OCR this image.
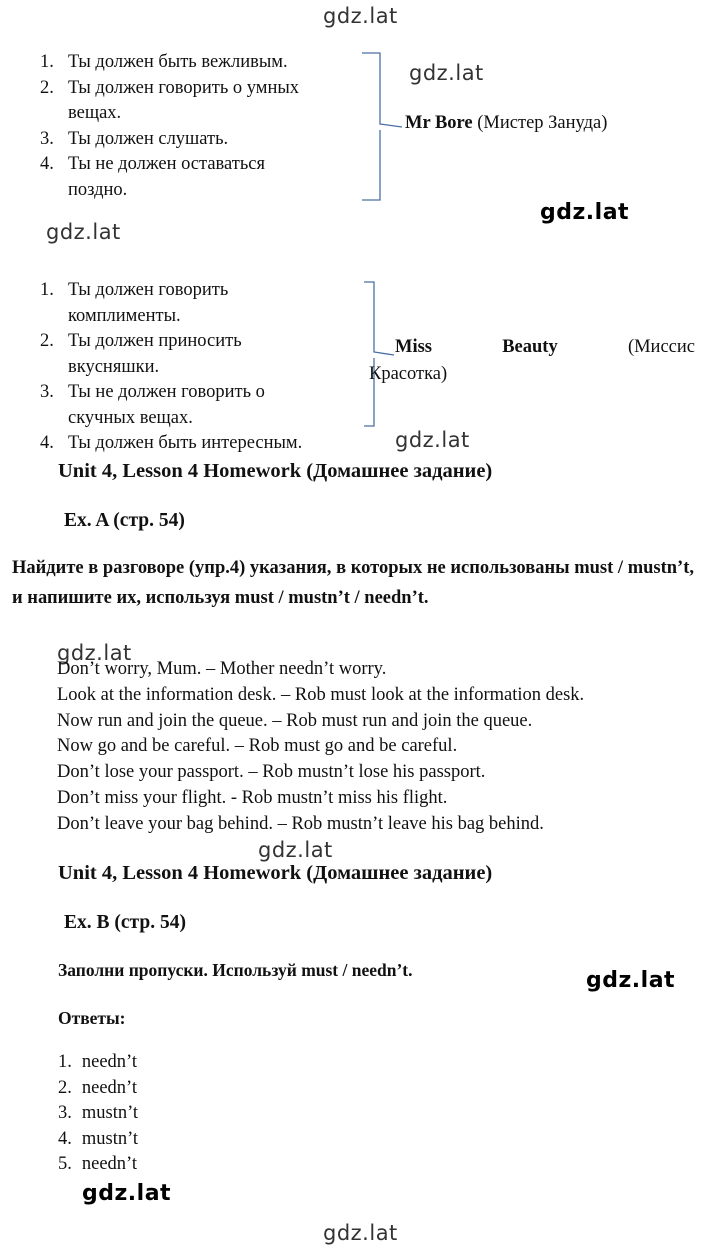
gdz.lat
gdz.lat
gdz.lat
gdz.lat
gdz.lat
gdz.lat
gdz.lat
gdz.lat
gdz.lat
gdz.lat
1. Ты должен быть вежливым.
2. Ты должен говорить о умных
вещах.
3. Ты должен слушать.
4. Ты не должен оставаться
поздно.
Mr Bore (Мистер Зануда)
1. Ты должен говорить
комплименты.
2. Ты должен приносить
вкусняшки.
3. Ты не должен говорить о
скучных вещах.
4. Ты должен быть интересным.
Miss	Beauty	(Миссис
Красотка)
Unit 4, Lesson 4 Homework (Домашнее задание)
Ex. A (стр. 54)
Найдите в разговоре (упр.4) указания, в которых не использованы must / mustn’t, и напишите их, используя must / mustn’t / needn’t.
Don’t worry, Mum. – Mother needn’t worry.
Look at the information desk. – Rob must look at the information desk.
Now run and join the queue. – Rob must run and join the queue.
Now go and be careful. – Rob must go and be careful.
Don’t lose your passport. – Rob mustn’t lose his passport.
Don’t miss your flight. - Rob mustn’t miss his flight.
Don’t leave your bag behind. – Rob mustn’t leave his bag behind.
Unit 4, Lesson 4 Homework (Домашнее задание)
Ex. B (стр. 54)
Заполни пропуски. Используй must / needn’t.
Ответы:
1. needn’t
2. needn’t
3. mustn’t
4. mustn’t
5. needn’t
